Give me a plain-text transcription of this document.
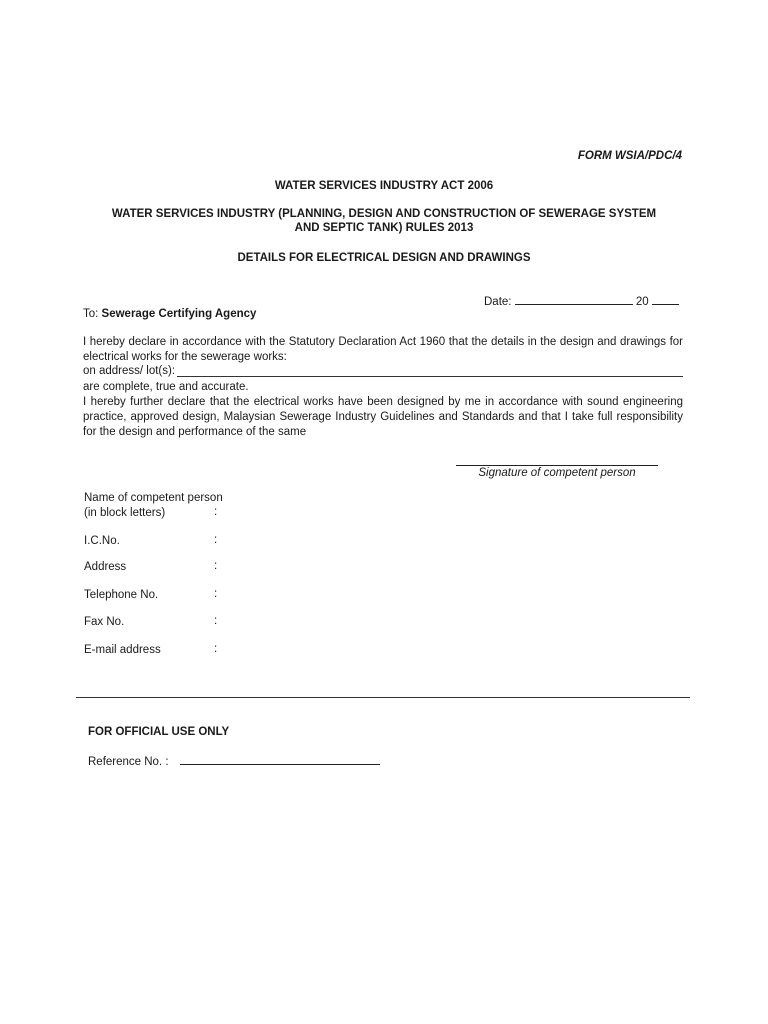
FORM WSIA/PDC/4
WATER SERVICES INDUSTRY ACT 2006
WATER SERVICES INDUSTRY (PLANNING, DESIGN AND CONSTRUCTION OF SEWERAGE SYSTEM
AND SEPTIC TANK) RULES 2013
DETAILS FOR ELECTRICAL DESIGN AND DRAWINGS
Date:	20
To: Sewerage Certifying Agency
I hereby declare in accordance with the Statutory Declaration Act 1960 that the details in the design and drawings for electrical works for the sewerage works:
on address/ lot(s):
are complete, true and accurate.
I hereby further declare that the electrical works have been designed by me in accordance with sound engineering practice, approved design, Malaysian Sewerage Industry Guidelines and Standards and that I take full responsibility for the design and performance of the same
Signature of competent person
Name of competent person
(in block letters)	:
I.C.No.	:
Address	:
Telephone No.	:
Fax No.	:
E-mail address	:
FOR OFFICIAL USE ONLY
Reference No. :
